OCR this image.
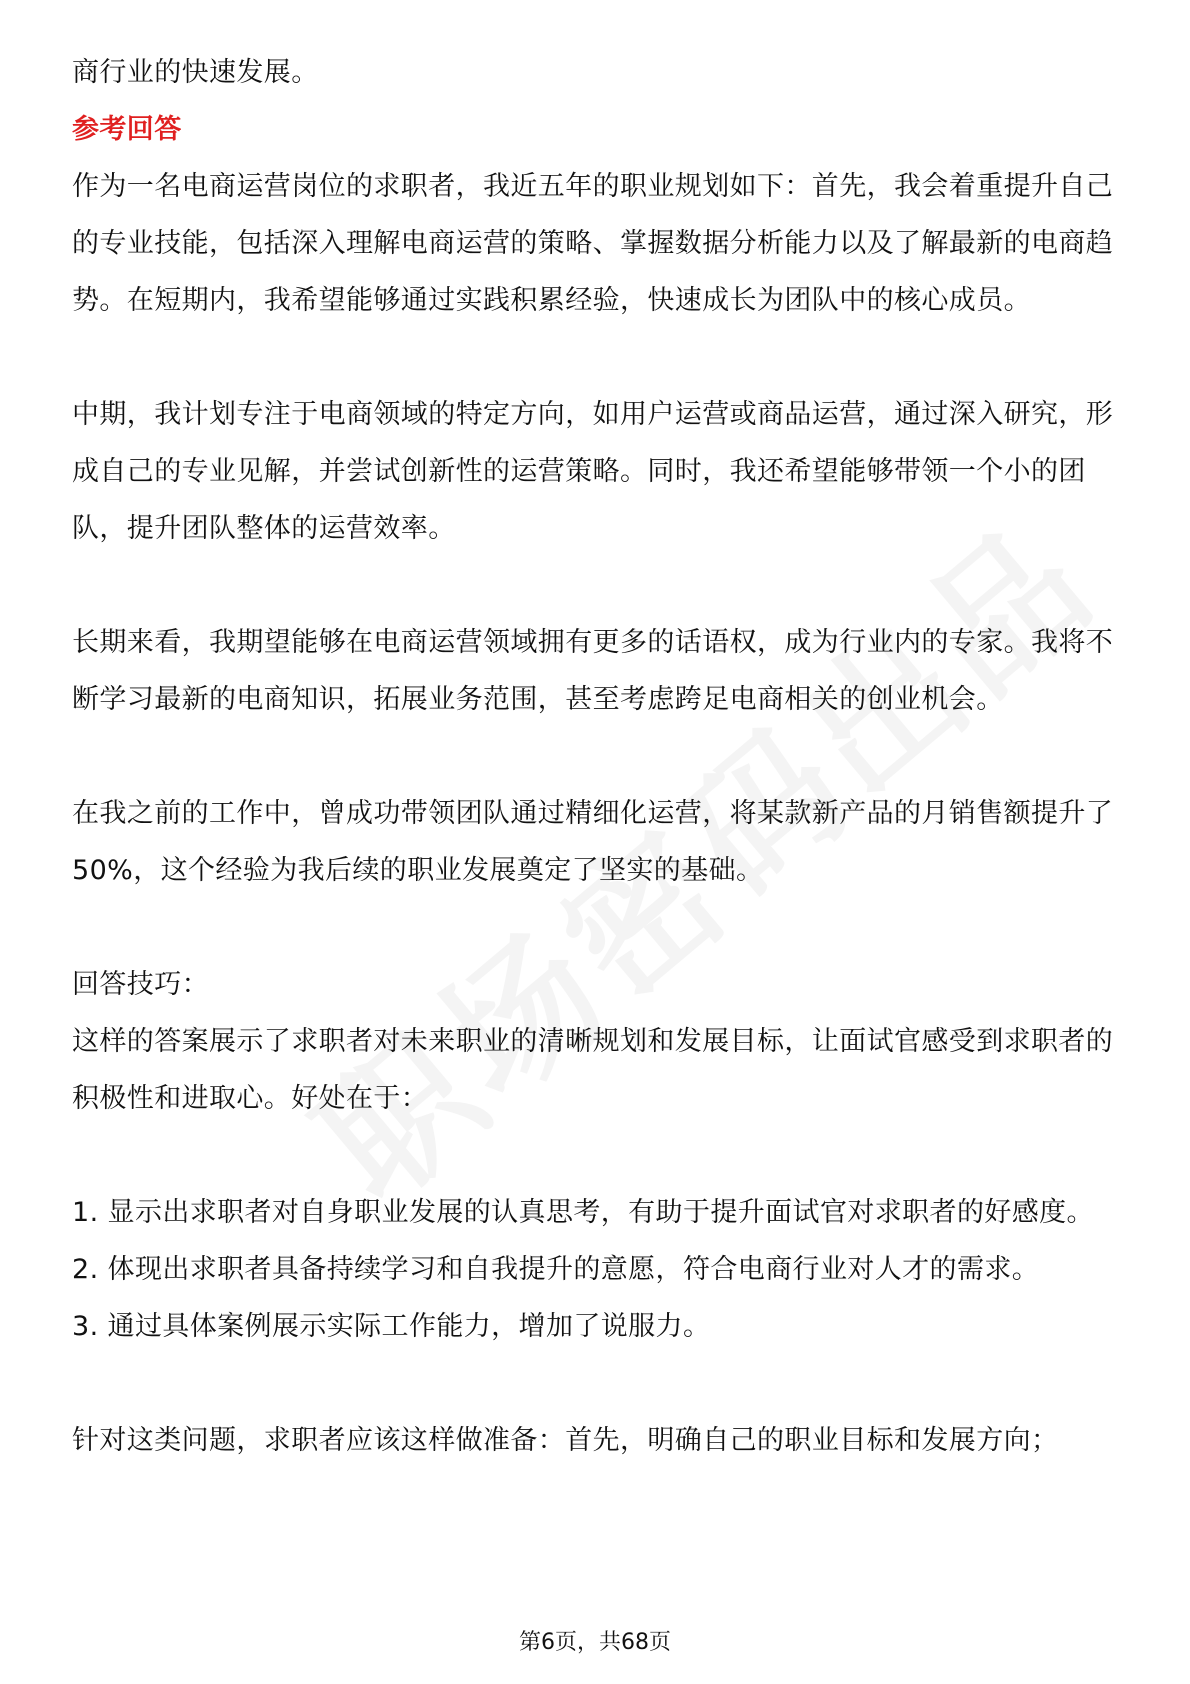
商行业的快速发展。

参考回答

作为一名电商运营岗位的求职者，我近五年的职业规划如下：首先，我会着重提升自己的专业技能，包括深入理解电商运营的策略、掌握数据分析能力以及了解最新的电商趋势。在短期内，我希望能够通过实践积累经验，快速成长为团队中的核心成员。

中期，我计划专注于电商领域的特定方向，如用户运营或商品运营，通过深入研究，形成自己的专业见解，并尝试创新性的运营策略。同时，我还希望能够带领一个小的团队，提升团队整体的运营效率。

长期来看，我期望能够在电商运营领域拥有更多的话语权，成为行业内的专家。我将不断学习最新的电商知识，拓展业务范围，甚至考虑跨足电商相关的创业机会。

在我之前的工作中，曾成功带领团队通过精细化运营，将某款新产品的月销售额提升了50%，这个经验为我后续的职业发展奠定了坚实的基础。

回答技巧：

这样的答案展示了求职者对未来职业的清晰规划和发展目标，让面试官感受到求职者的积极性和进取心。好处在于：

1. 显示出求职者对自身职业发展的认真思考，有助于提升面试官对求职者的好感度。

2. 体现出求职者具备持续学习和自我提升的意愿，符合电商行业对人才的需求。

3. 通过具体案例展示实际工作能力，增加了说服力。

针对这类问题，求职者应该这样做准备：首先，明确自己的职业目标和发展方向；

第6页，共68页
